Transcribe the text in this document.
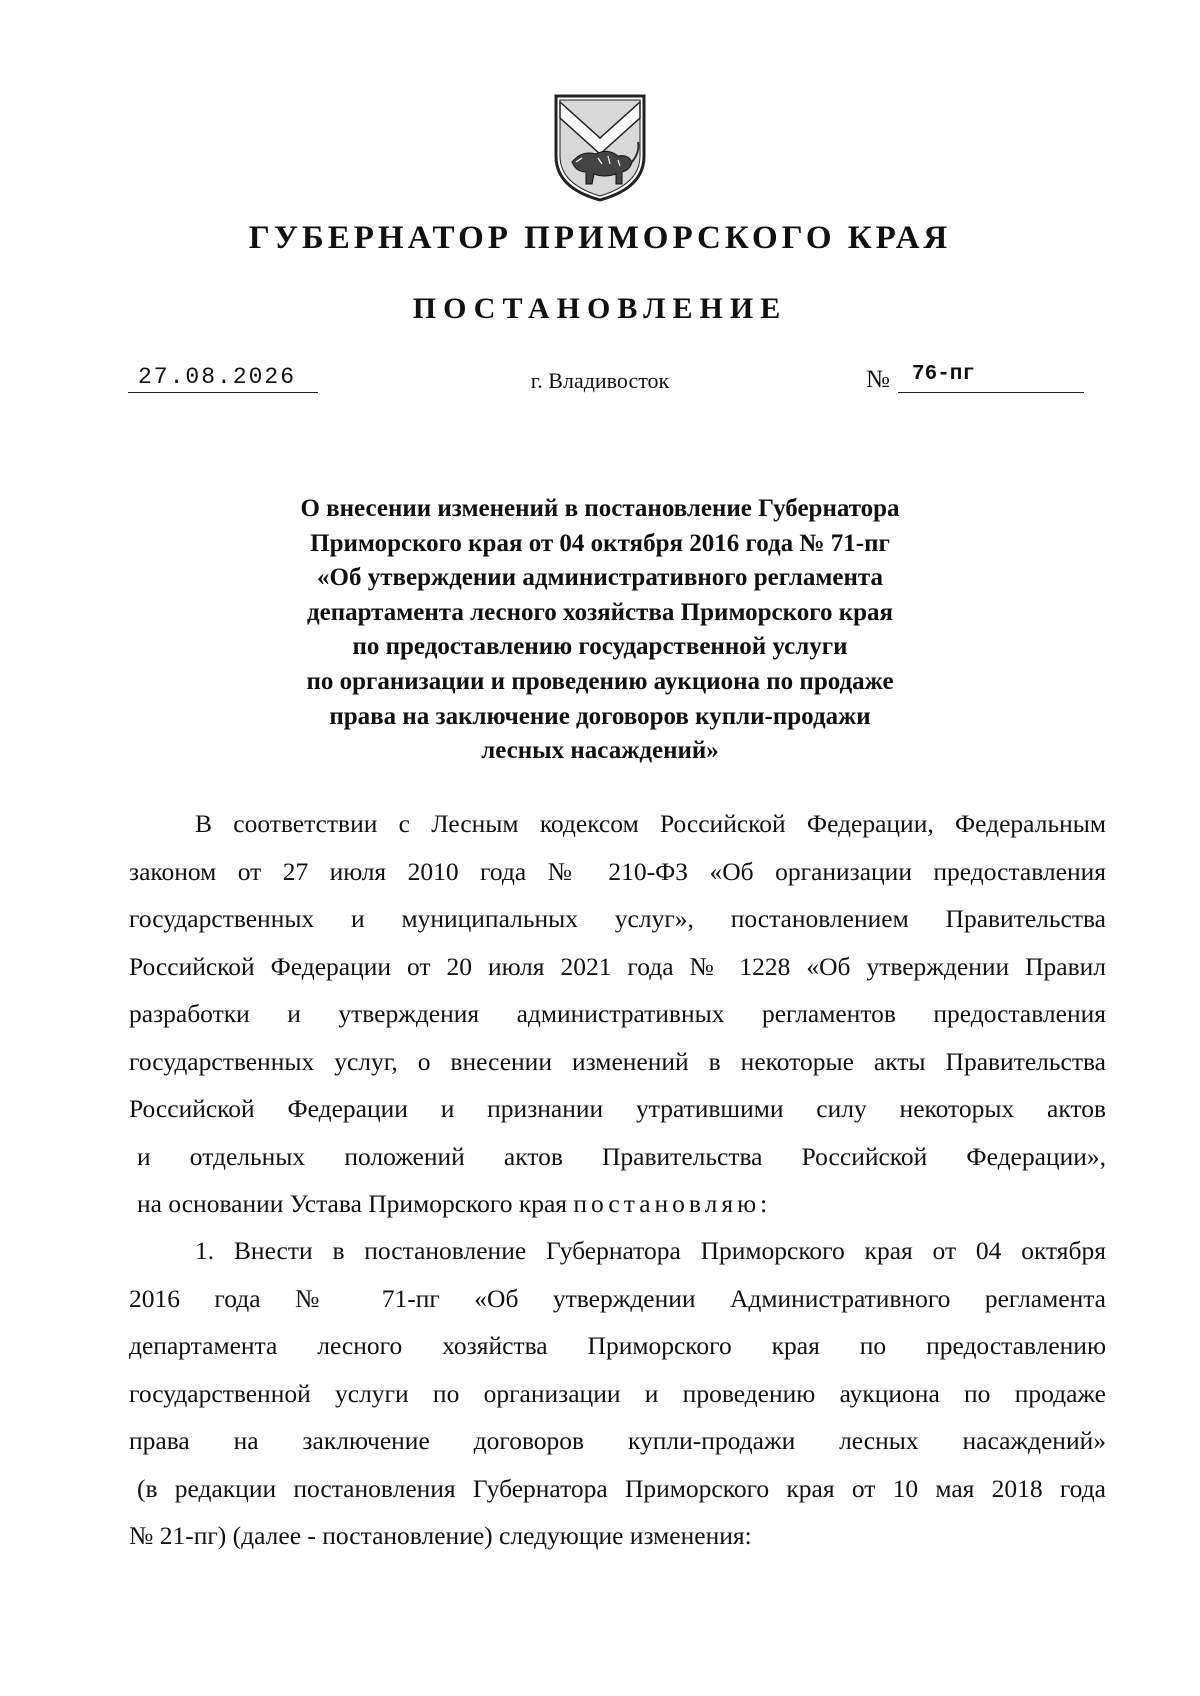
ГУБЕРНАТОР ПРИМОРСКОГО КРАЯ
ПОСТАНОВЛЕНИЕ
27.08.2026	г. Владивосток	№	76-пг
О внесении изменений в постановление Губернатора
Приморского края от 04 октября 2016 года № 71-пг
«Об утверждении административного регламента
департамента лесного хозяйства Приморского края
по предоставлению государственной услуги
по организации и проведению аукциона по продаже
права на заключение договоров купли-продажи
лесных насаждений»
В соответствии с Лесным кодексом Российской Федерации, Федеральным
законом от 27 июля 2010 года № 210-ФЗ «Об организации предоставления
государственных и муниципальных услуг», постановлением Правительства
Российской Федерации от 20 июля 2021 года № 1228 «Об утверждении Правил
разработки и утверждения административных регламентов предоставления
государственных услуг, о внесении изменений в некоторые акты Правительства
Российской Федерации и признании утратившими силу некоторых актов
и отдельных положений актов Правительства Российской Федерации»,
на основании Устава Приморского края постановляю:
1. Внести в постановление Губернатора Приморского края от 04 октября
2016 года № 71-пг «Об утверждении Административного регламента
департамента лесного хозяйства Приморского края по предоставлению
государственной услуги по организации и проведению аукциона по продаже
права на заключение договоров купли-продажи лесных насаждений»
(в редакции постановления Губернатора Приморского края от 10 мая 2018 года
№ 21-пг) (далее - постановление) следующие изменения:
